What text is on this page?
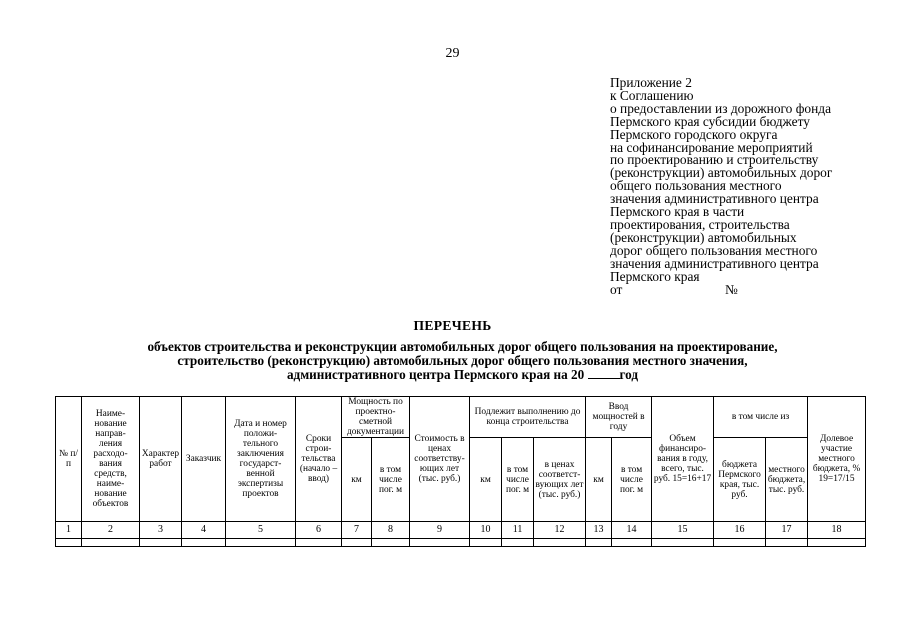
29
Приложение 2
к Соглашению
о предоставлении из дорожного фонда
Пермского края субсидии бюджету
Пермского городского округа
на софинансирование мероприятий
по проектированию и строительству
(реконструкции) автомобильных дорог
общего пользования местного
значения административного центра
Пермского края в части
проектирования, строительства
(реконструкции) автомобильных
дорог общего пользования местного
значения административного центра
Пермского края
от	№
ПЕРЕЧЕНЬ
объектов строительства и реконструкции автомобильных дорог общего пользования на проектирование,
строительство (реконструкцию) автомобильных дорог общего пользования местного значения,
административного центра Пермского края на 20	год
№ п/п	Наиме- нование направ- ления расходо- вания средств, наиме- нование объектов	Характер работ	Заказчик	Дата и номер положи- тельного заключения государст- венной экспертизы проектов	Сроки строи- тельства (начало – ввод)	Мощность по проектно- сметной документации		Стоимость в ценах соответству- ющих лет (тыс. руб.)	Подлежит выполнению до конца строительства			Ввод мощностей в году		Объем финансиро- вания в году, всего, тыс. руб. 15=16+17	в том числе из		Долевое участие местного бюджета, % 19=17/15
						км	в том числе пог. м		км	в том числе пог. м	в ценах соответст- вующих лет (тыс. руб.)	км	в том числе пог. м		бюджета Пермского края, тыс. руб.	местного бюджета, тыс. руб.	
1	2	3	4	5	6	7	8	9	10	11	12	13	14	15	16	17	18
